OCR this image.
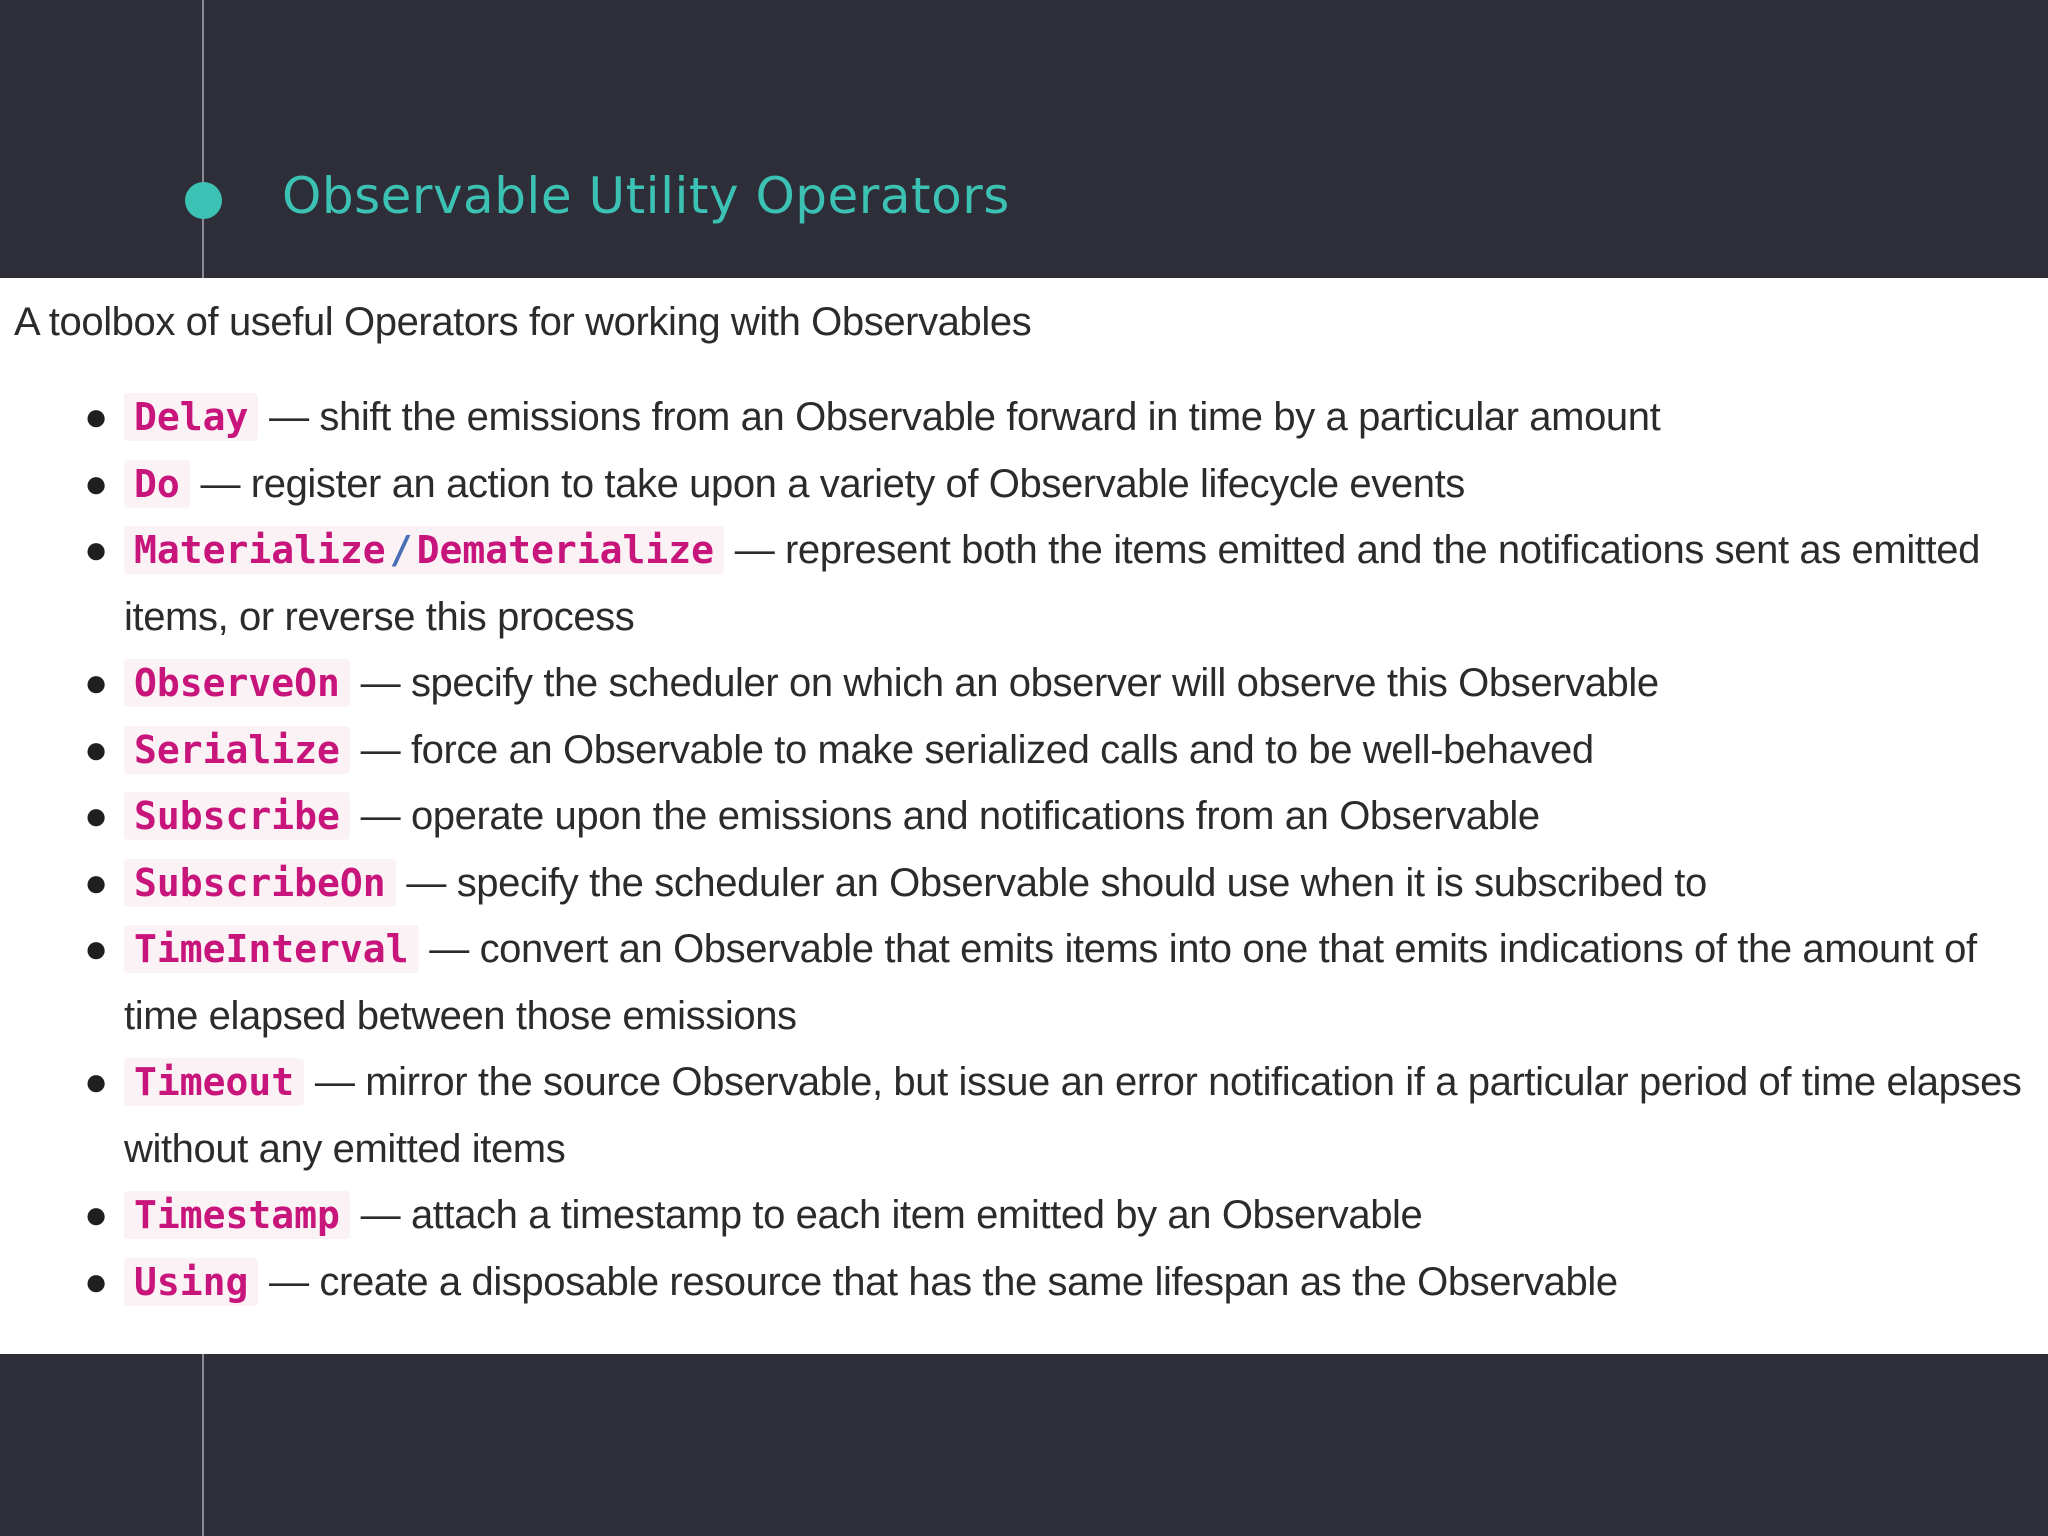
Observable Utility Operators

A toolbox of useful Operators for working with Observables

● Delay — shift the emissions from an Observable forward in time by a particular amount
● Do — register an action to take upon a variety of Observable lifecycle events
● Materialize / Dematerialize — represent both the items emitted and the notifications sent as emitted items, or reverse this process
● ObserveOn — specify the scheduler on which an observer will observe this Observable
● Serialize — force an Observable to make serialized calls and to be well-behaved
● Subscribe — operate upon the emissions and notifications from an Observable
● SubscribeOn — specify the scheduler an Observable should use when it is subscribed to
● TimeInterval — convert an Observable that emits items into one that emits indications of the amount of time elapsed between those emissions
● Timeout — mirror the source Observable, but issue an error notification if a particular period of time elapses without any emitted items
● Timestamp — attach a timestamp to each item emitted by an Observable
● Using — create a disposable resource that has the same lifespan as the Observable
